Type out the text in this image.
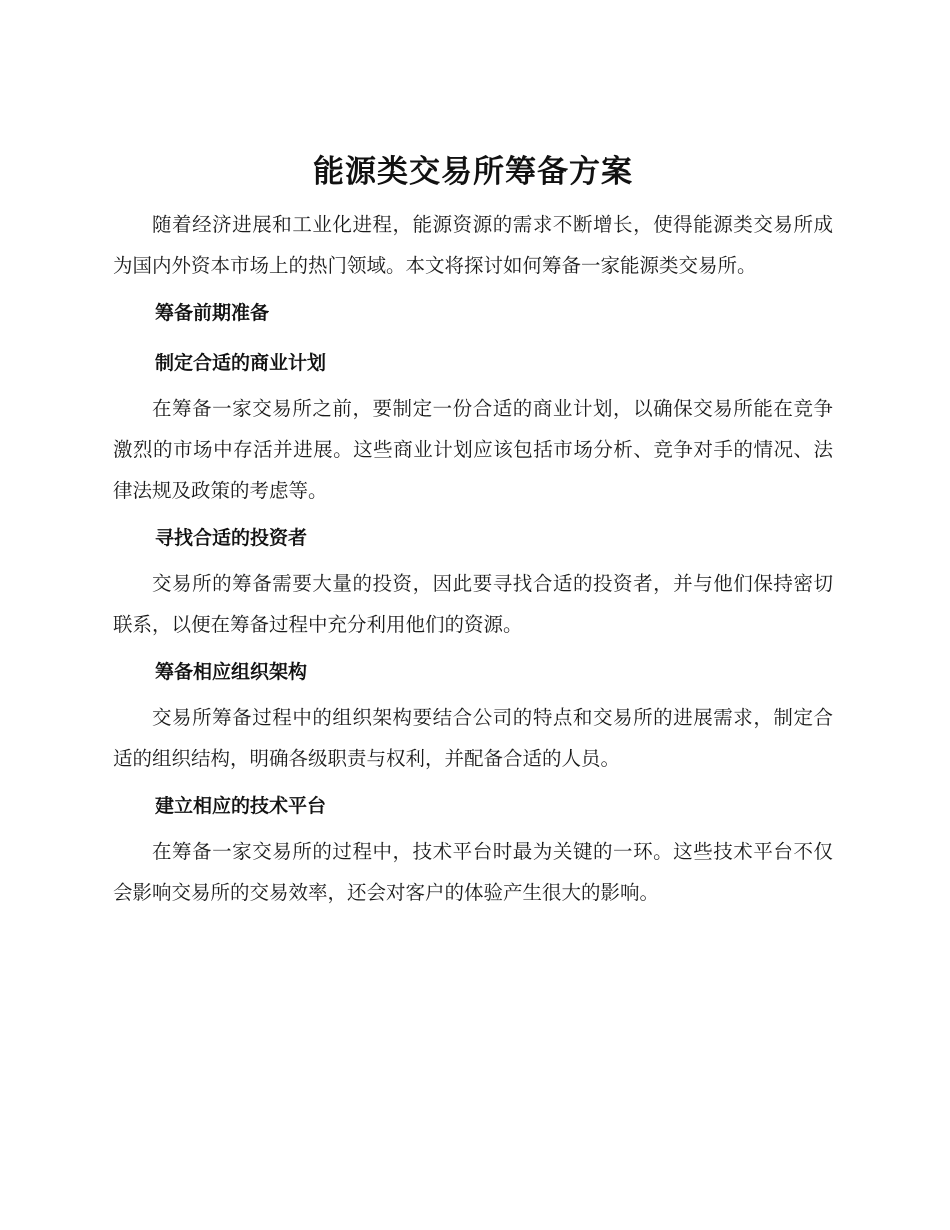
能源类交易所筹备方案

随着经济进展和工业化进程，能源资源的需求不断增长，使得能源类交易所成为国内外资本市场上的热门领域。本文将探讨如何筹备一家能源类交易所。

筹备前期准备
制定合适的商业计划

在筹备一家交易所之前，要制定一份合适的商业计划，以确保交易所能在竞争激烈的市场中存活并进展。这些商业计划应该包括市场分析、竞争对手的情况、法律法规及政策的考虑等。

寻找合适的投资者

交易所的筹备需要大量的投资，因此要寻找合适的投资者，并与他们保持密切联系，以便在筹备过程中充分利用他们的资源。

筹备相应组织架构

交易所筹备过程中的组织架构要结合公司的特点和交易所的进展需求，制定合适的组织结构，明确各级职责与权利，并配备合适的人员。

建立相应的技术平台

在筹备一家交易所的过程中，技术平台时最为关键的一环。这些技术平台不仅会影响交易所的交易效率，还会对客户的体验产生很大的影响。
